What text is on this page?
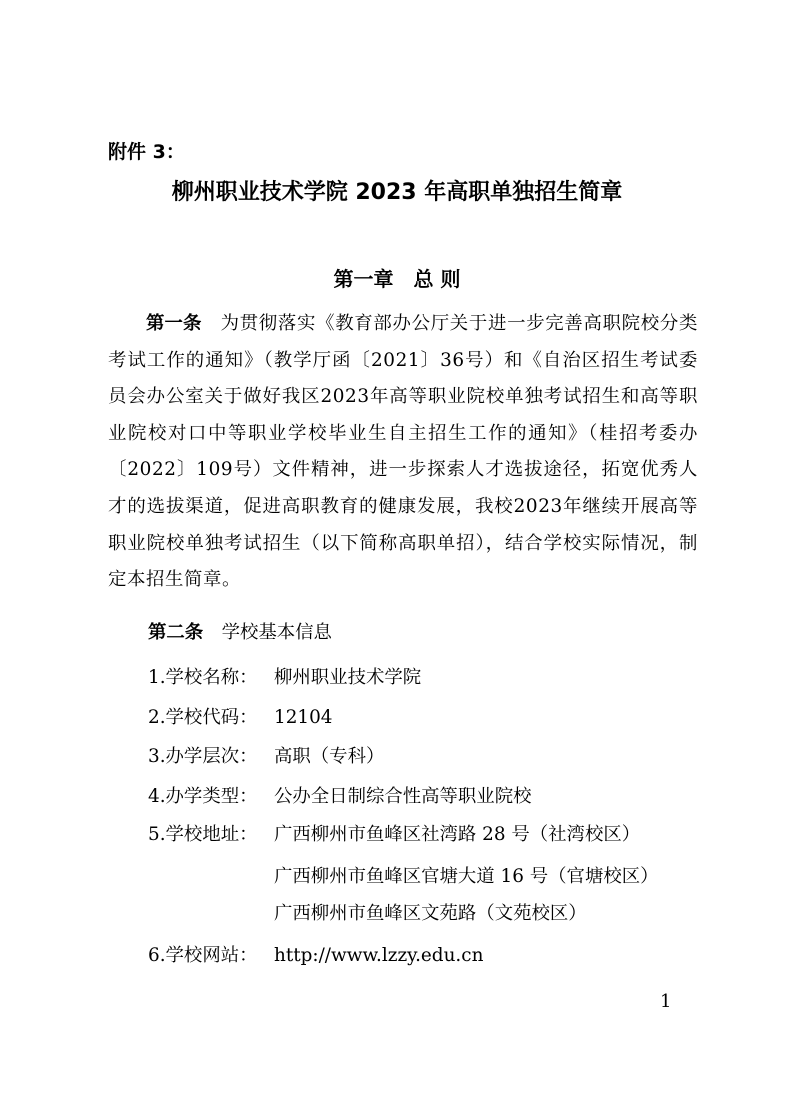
附件 3：
柳州职业技术学院 2023 年高职单独招生简章
第一章　总 则

第一条　 为贯彻落实《教育部办公厅关于进一步完善高职院校分类考试工作的通知》（教学厅函〔2021〕36号）和《自治区招生考试委员会办公室关于做好我区2023年高等职业院校单独考试招生和高等职业院校对口中等职业学校毕业生自主招生工作的通知》（桂招考委办〔2022〕109号）文件精神，进一步探索人才选拔途径，拓宽优秀人才的选拔渠道，促进高职教育的健康发展，我校2023年继续开展高等职业院校单独考试招生（以下简称高职单招），结合学校实际情况，制定本招生简章。

第二条　 学校基本信息

1.学校名称： 柳州职业技术学院
2.学校代码： 12104
3.办学层次： 高职（专科）
4.办学类型： 公办全日制综合性高等职业院校
5.学校地址： 广西柳州市鱼峰区社湾路 28 号（社湾校区）
广西柳州市鱼峰区官塘大道 16 号（官塘校区）
广西柳州市鱼峰区文苑路（文苑校区）
6.学校网站： http://www.lzzy.edu.cn
1
